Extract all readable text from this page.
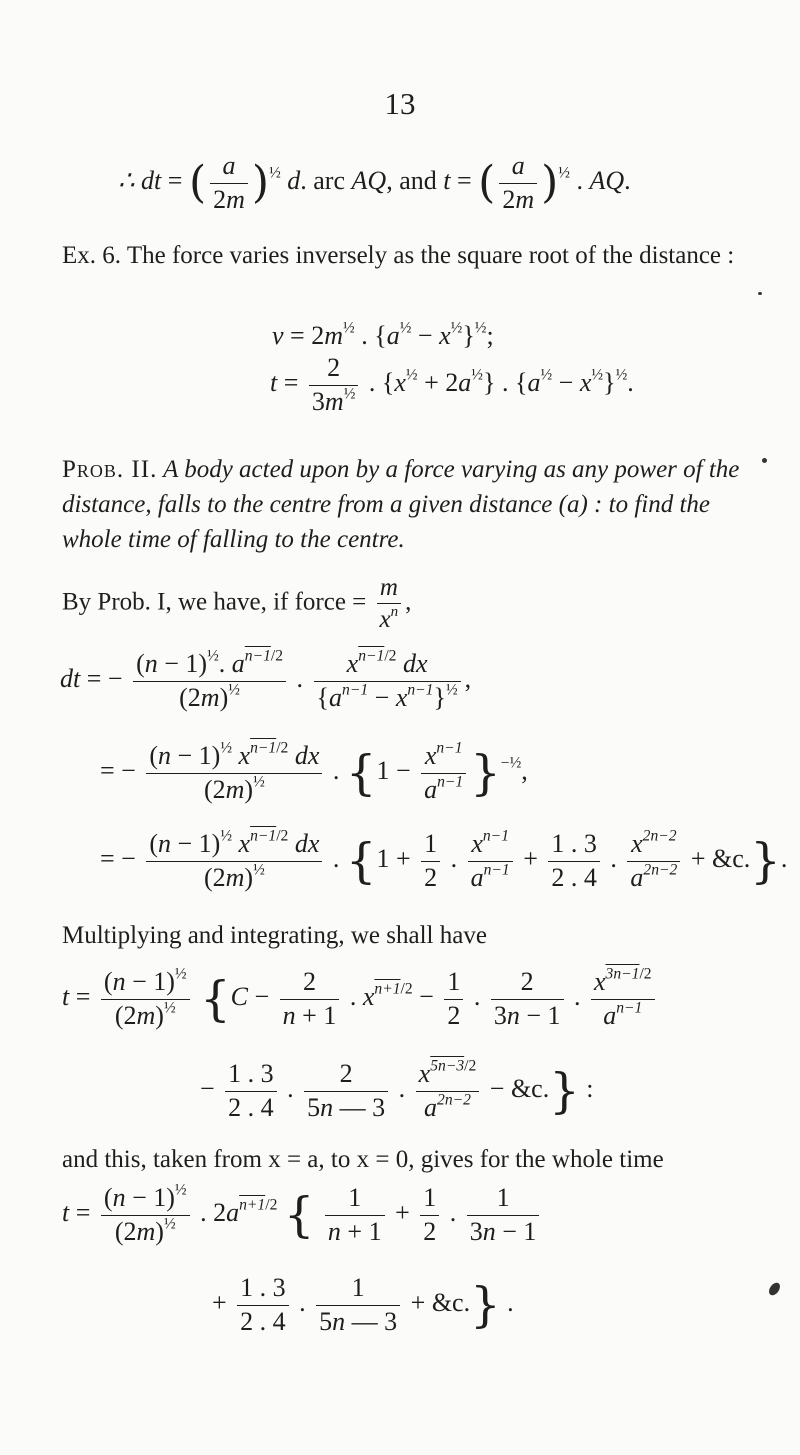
13
∴ dt = ( $\frac{a}{2m} )^{\frac{1}{2}}$ d. arc AQ, and t = ( $\frac{a}{2m} )^{\frac{1}{2}}$ . AQ.
Ex. 6. The force varies inversely as the square root of the distance :
$v = 2m^{\frac{1}{2}}$ . $\{a^{\frac{1}{2}} - x^{\frac{1}{2}}\}^{\frac{1}{2}}$;
$t = \frac{2}{3m^{\frac{1}{2}}}$ . $\{x^{\frac{1}{2}} + 2a^{\frac{1}{2}}\}$ . $\{a^{\frac{1}{2}} - x^{\frac{1}{2}}\}^{\frac{1}{2}}$.
Prob. II. A body acted upon by a force varying as any power of the distance, falls to the centre from a given distance (a) : to find the whole time of falling to the centre.
By Prob. I, we have, if force = $\frac{m}{x^n}$ ,
dt = − $\frac{(n - 1)^{\frac{1}{2}}. a^{n-1/2}}{(2m)^{\frac{1}{2}}}$ . $\frac{x^{n-1/2} dx}{\{a^{n-1} - x^{n-1}\}^{\frac{1}{2}}}$ ,
= − $\frac{(n - 1)^{\frac{1}{2}} x^{n-1/2} dx}{(2m)^{\frac{1}{2}}}$ . $\{1 - \frac{x^{n-1}}{a^{n-1}} \}^{-\frac{1}{2}}$,
= − $\frac{(n - 1)^{\frac{1}{2}} x^{n-1/2} dx}{(2m)^{\frac{1}{2}}}$ . {$1 + \frac{1}{2}$ . $\frac{x^{n-1}}{a^{n-1}} + \frac{1 . 3}{2 . 4}$ . $\frac{x^{2n-2}}{a^{2n-2}}$ + &c.}.
Multiplying and integrating, we shall have
$t = \frac{(n - 1)^{\frac{1}{2}}}{(2m)^{\frac{1}{2}}} \{C - \frac{2}{n + 1}$ . $x^{n+1/2} - \frac{1}{2}$ . $\frac{2}{3n - 1}$ . $\frac{x^{3n-1/2}}{a^{n-1}}$
− $\frac{1 . 3}{2 . 4}$ . $\frac{2}{5n — 3}$ . $\frac{x^{5n-3/2}}{a^{2n-2}}$ − &c.} :
and this, taken from x = a, to x = 0, gives for the whole time
$t = \frac{(n - 1)^{\frac{1}{2}}}{(2m)^{\frac{1}{2}}}$ . $2a^{n+1/2}$ { $\frac{1}{n + 1} + \frac{1}{2}$ . $\frac{1}{3n - 1}$
+ $\frac{1 . 3}{2 . 4}$ . $\frac{1}{5n — 3}$ + &c.} .
